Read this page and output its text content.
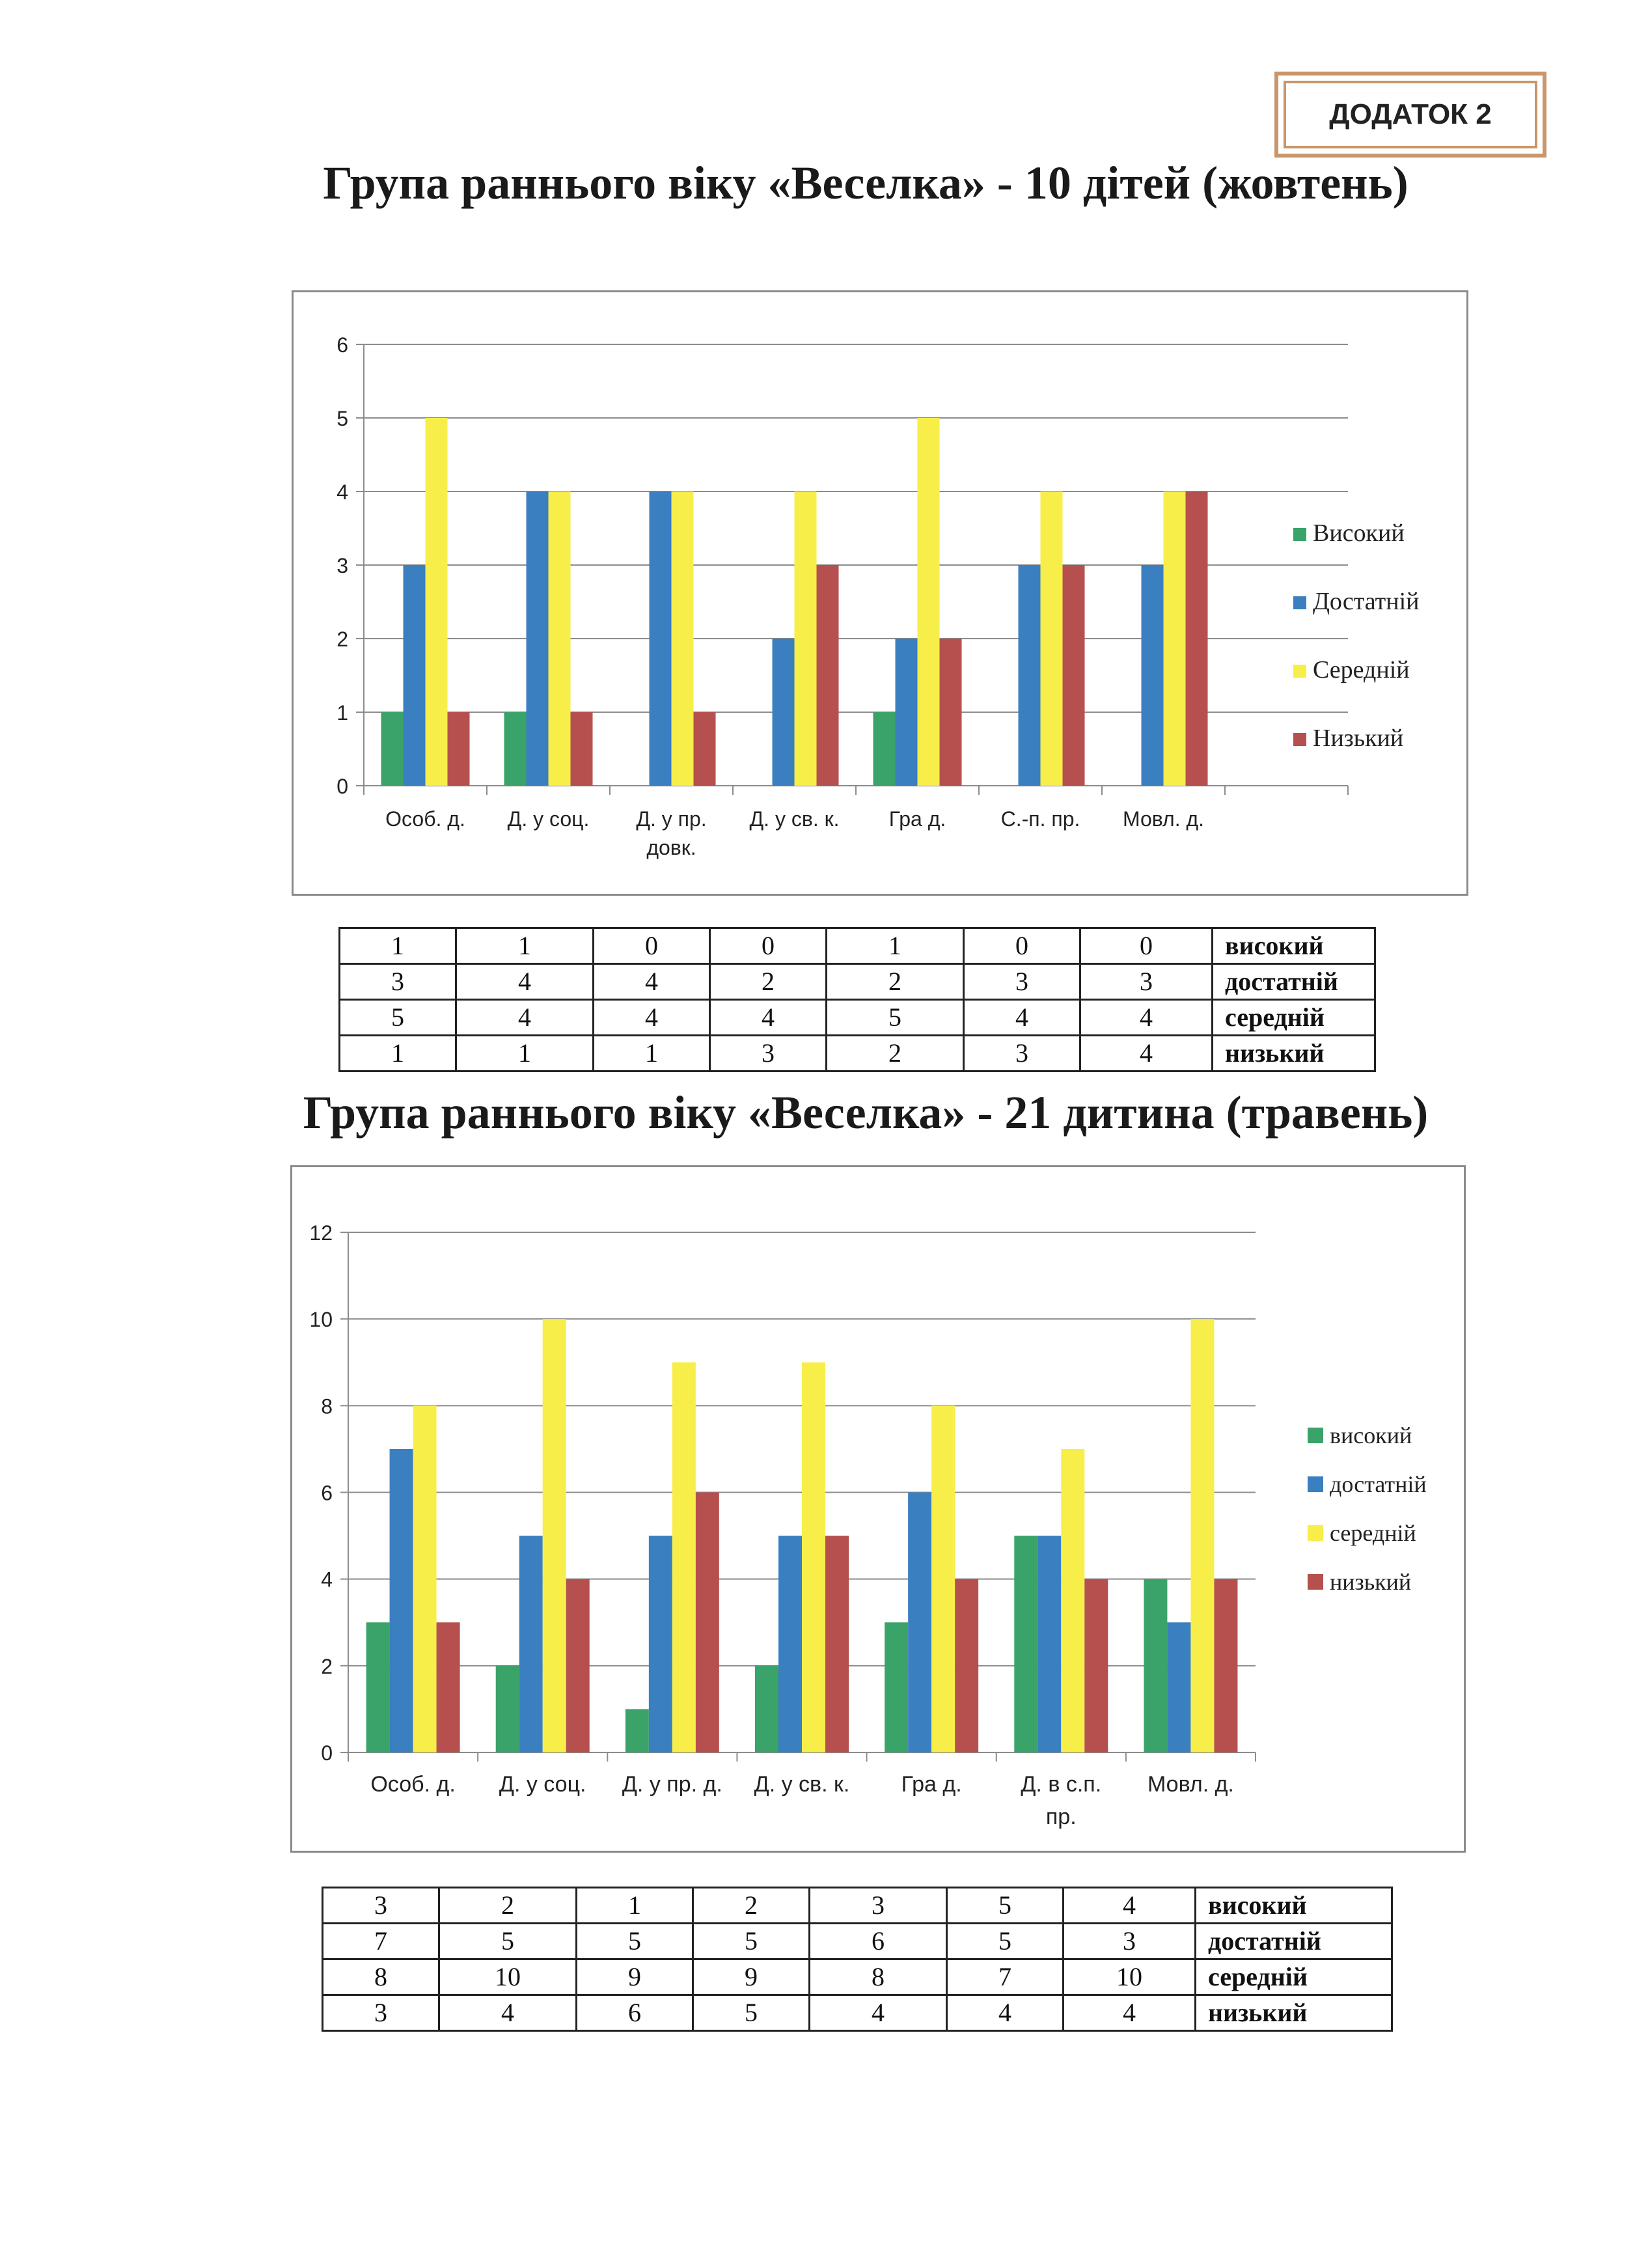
ДОДАТОК 2
Група раннього віку «Веселка» - 10 дітей (жовтень)
0
1
2
3
4
5
6
Особ. д. Д. у соц. Д. у пр.
довк.
Д. у св. к. Гра д.	С.-п. пр. Мовл. д.
Високий
Достатній
Середній
Низький
1	1	0	0	1	0	0	високий
3	4	4	2	2	3	3	достатній
5	4	4	4	5	4	4	середній
1	1	1	3	2	3	4	низький
Група раннього віку «Веселка» - 21 дитина (травень)
0
2
4
6
8
10
12
Особ. д. Д. у соц. Д. у пр. д. Д. у св. к. Гра д.	Д. в с.п.
пр.
Мовл. д.
високий
достатній
середній
низький
3	2	1	2	3	5	4	високий
7	5	5	5	6	5	3	достатній
8	10	9	9	8	7	10	середній
3	4	6	5	4	4	4	низький
